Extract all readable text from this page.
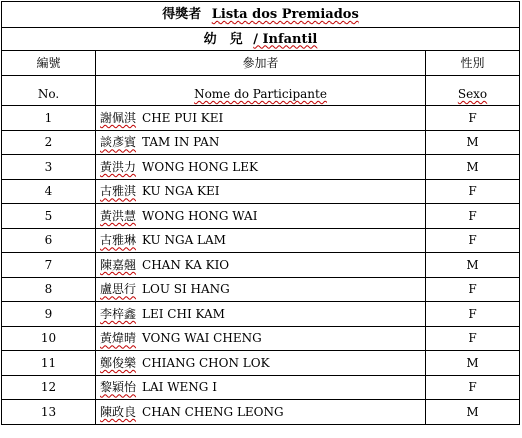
得獎者 Lista dos Premiados		
幼　兒 / Infantil		
編號	參加者	性別
No.	Nome do Participante	Sexo
1	謝佩淇 CHE PUI KEI	F
2	談彥賓 TAM IN PAN	M
3	黃洪力 WONG HONG LEK	M
4	古雅淇 KU NGA KEI	F
5	黃洪慧 WONG HONG WAI	F
6	古雅琳 KU NGA LAM	F
7	陳嘉翹 CHAN KA KIO	M
8	盧思行 LOU SI HANG	F
9	李梓鑫 LEI CHI KAM	F
10	黃煒晴 VONG WAI CHENG	F
11	鄭俊樂 CHIANG CHON LOK	M
12	黎穎怡 LAI WENG I	F
13	陳政良 CHAN CHENG LEONG	M
